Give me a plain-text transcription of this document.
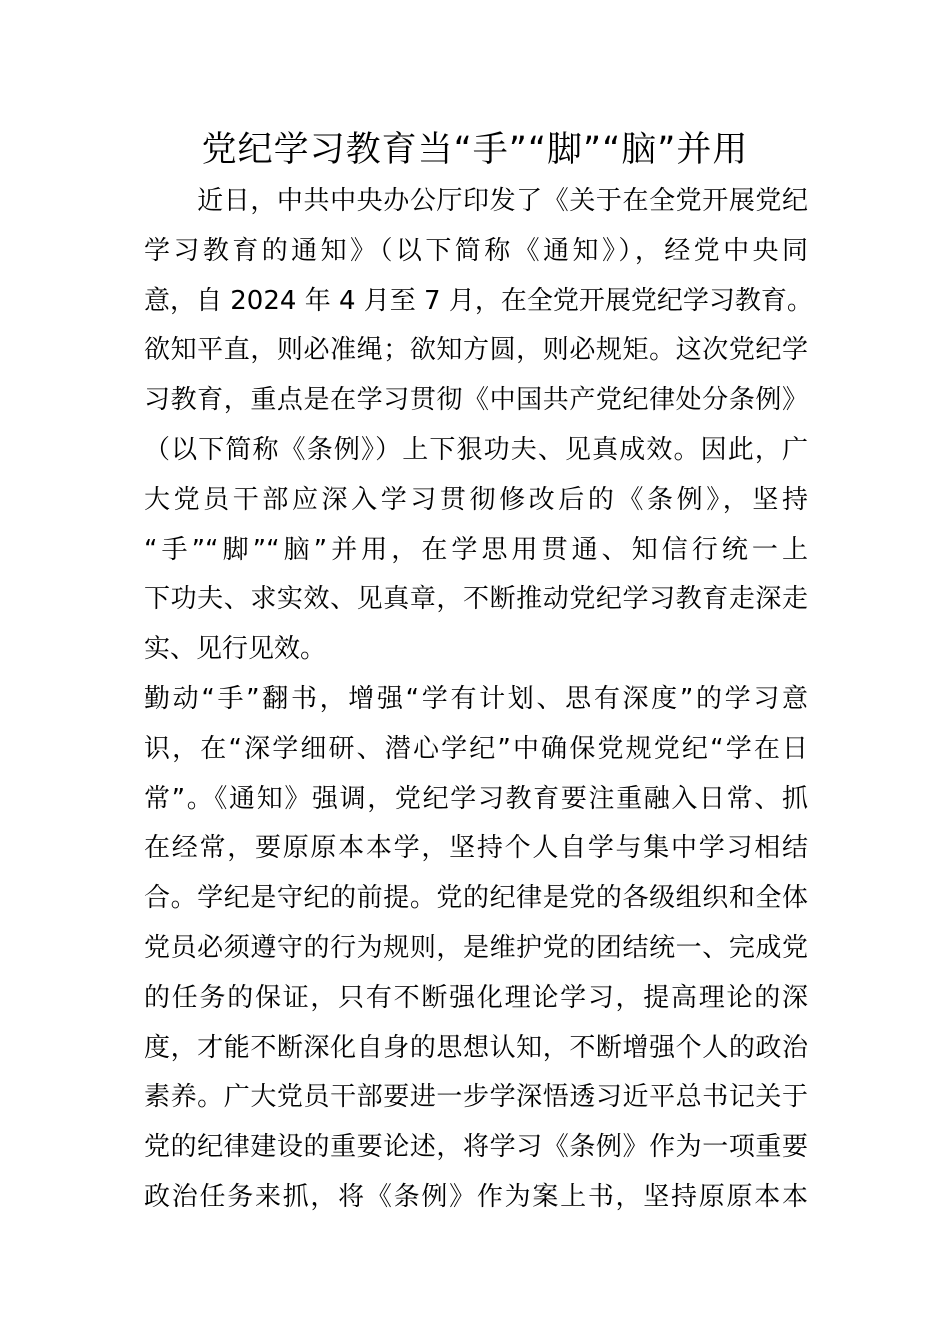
党纪学习教育当“手”“脚”“脑”并用
　　近日，中共中央办公厅印发了《关于在全党开展党纪
学习教育的通知》（以下简称《通知》），经党中央同
意，自 2024 年 4 月至 7 月，在全党开展党纪学习教育。
欲知平直，则必准绳；欲知方圆，则必规矩。这次党纪学
习教育，重点是在学习贯彻《中国共产党纪律处分条例》
（以下简称《条例》）上下狠功夫、见真成效。因此，广
大党员干部应深入学习贯彻修改后的《条例》，坚持
“手”“脚”“脑”并用，在学思用贯通、知信行统一上
下功夫、求实效、见真章，不断推动党纪学习教育走深走
实、见行见效。
勤动“手”翻书，增强“学有计划、思有深度”的学习意
识，在“深学细研、潜心学纪”中确保党规党纪“学在日
常”。《通知》强调，党纪学习教育要注重融入日常、抓
在经常，要原原本本学，坚持个人自学与集中学习相结
合。学纪是守纪的前提。党的纪律是党的各级组织和全体
党员必须遵守的行为规则，是维护党的团结统一、完成党
的任务的保证，只有不断强化理论学习，提高理论的深
度，才能不断深化自身的思想认知，不断增强个人的政治
素养。广大党员干部要进一步学深悟透习近平总书记关于
党的纪律建设的重要论述，将学习《条例》作为一项重要
政治任务来抓，将《条例》作为案上书，坚持原原本本
